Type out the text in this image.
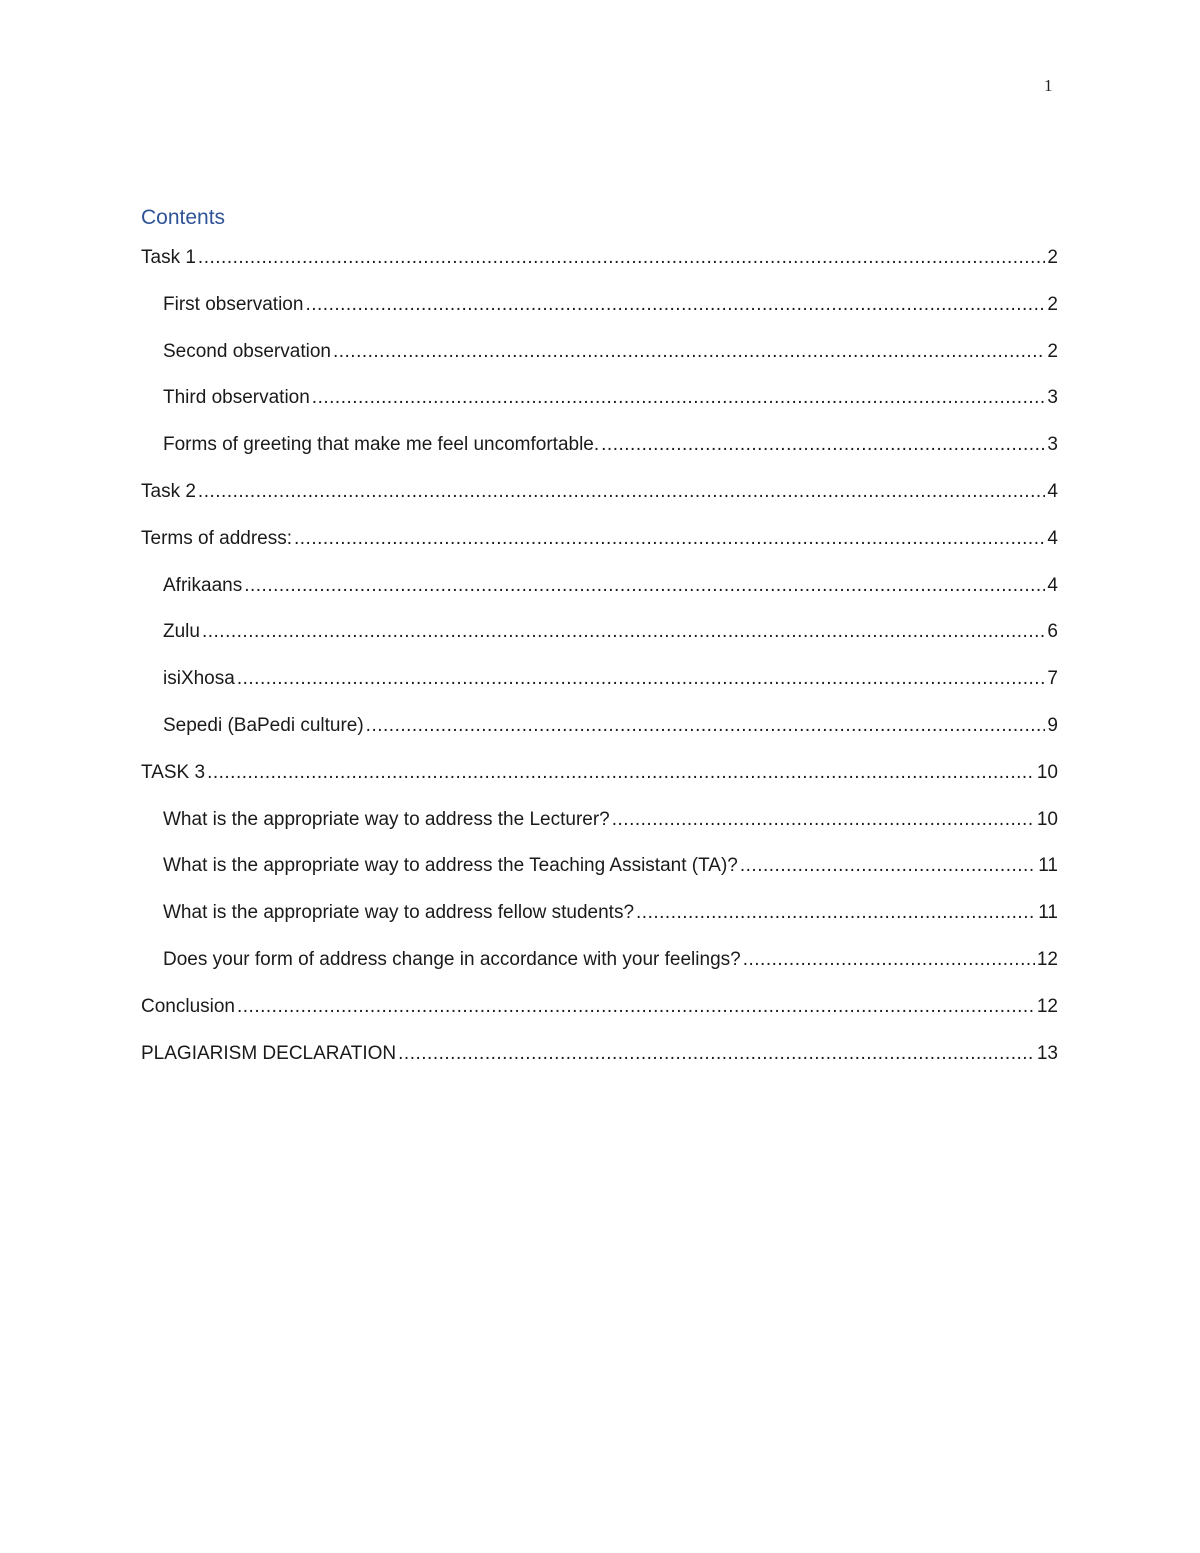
1
Contents
Task 1 .....	2
First observation .....	2
Second observation .....	2
Third observation .....	3
Forms of greeting that make me feel uncomfortable. .....	3
Task 2 .....	4
Terms of address: .....	4
Afrikaans .....	4
Zulu .....	6
isiXhosa .....	7
Sepedi (BaPedi culture) .....	9
TASK 3 .....	10
What is the appropriate way to address the Lecturer? .....	10
What is the appropriate way to address the Teaching Assistant (TA)? .....	11
What is the appropriate way to address fellow students? .....	11
Does your form of address change in accordance with your feelings? .....	12
Conclusion .....	12
PLAGIARISM DECLARATION .....	13
